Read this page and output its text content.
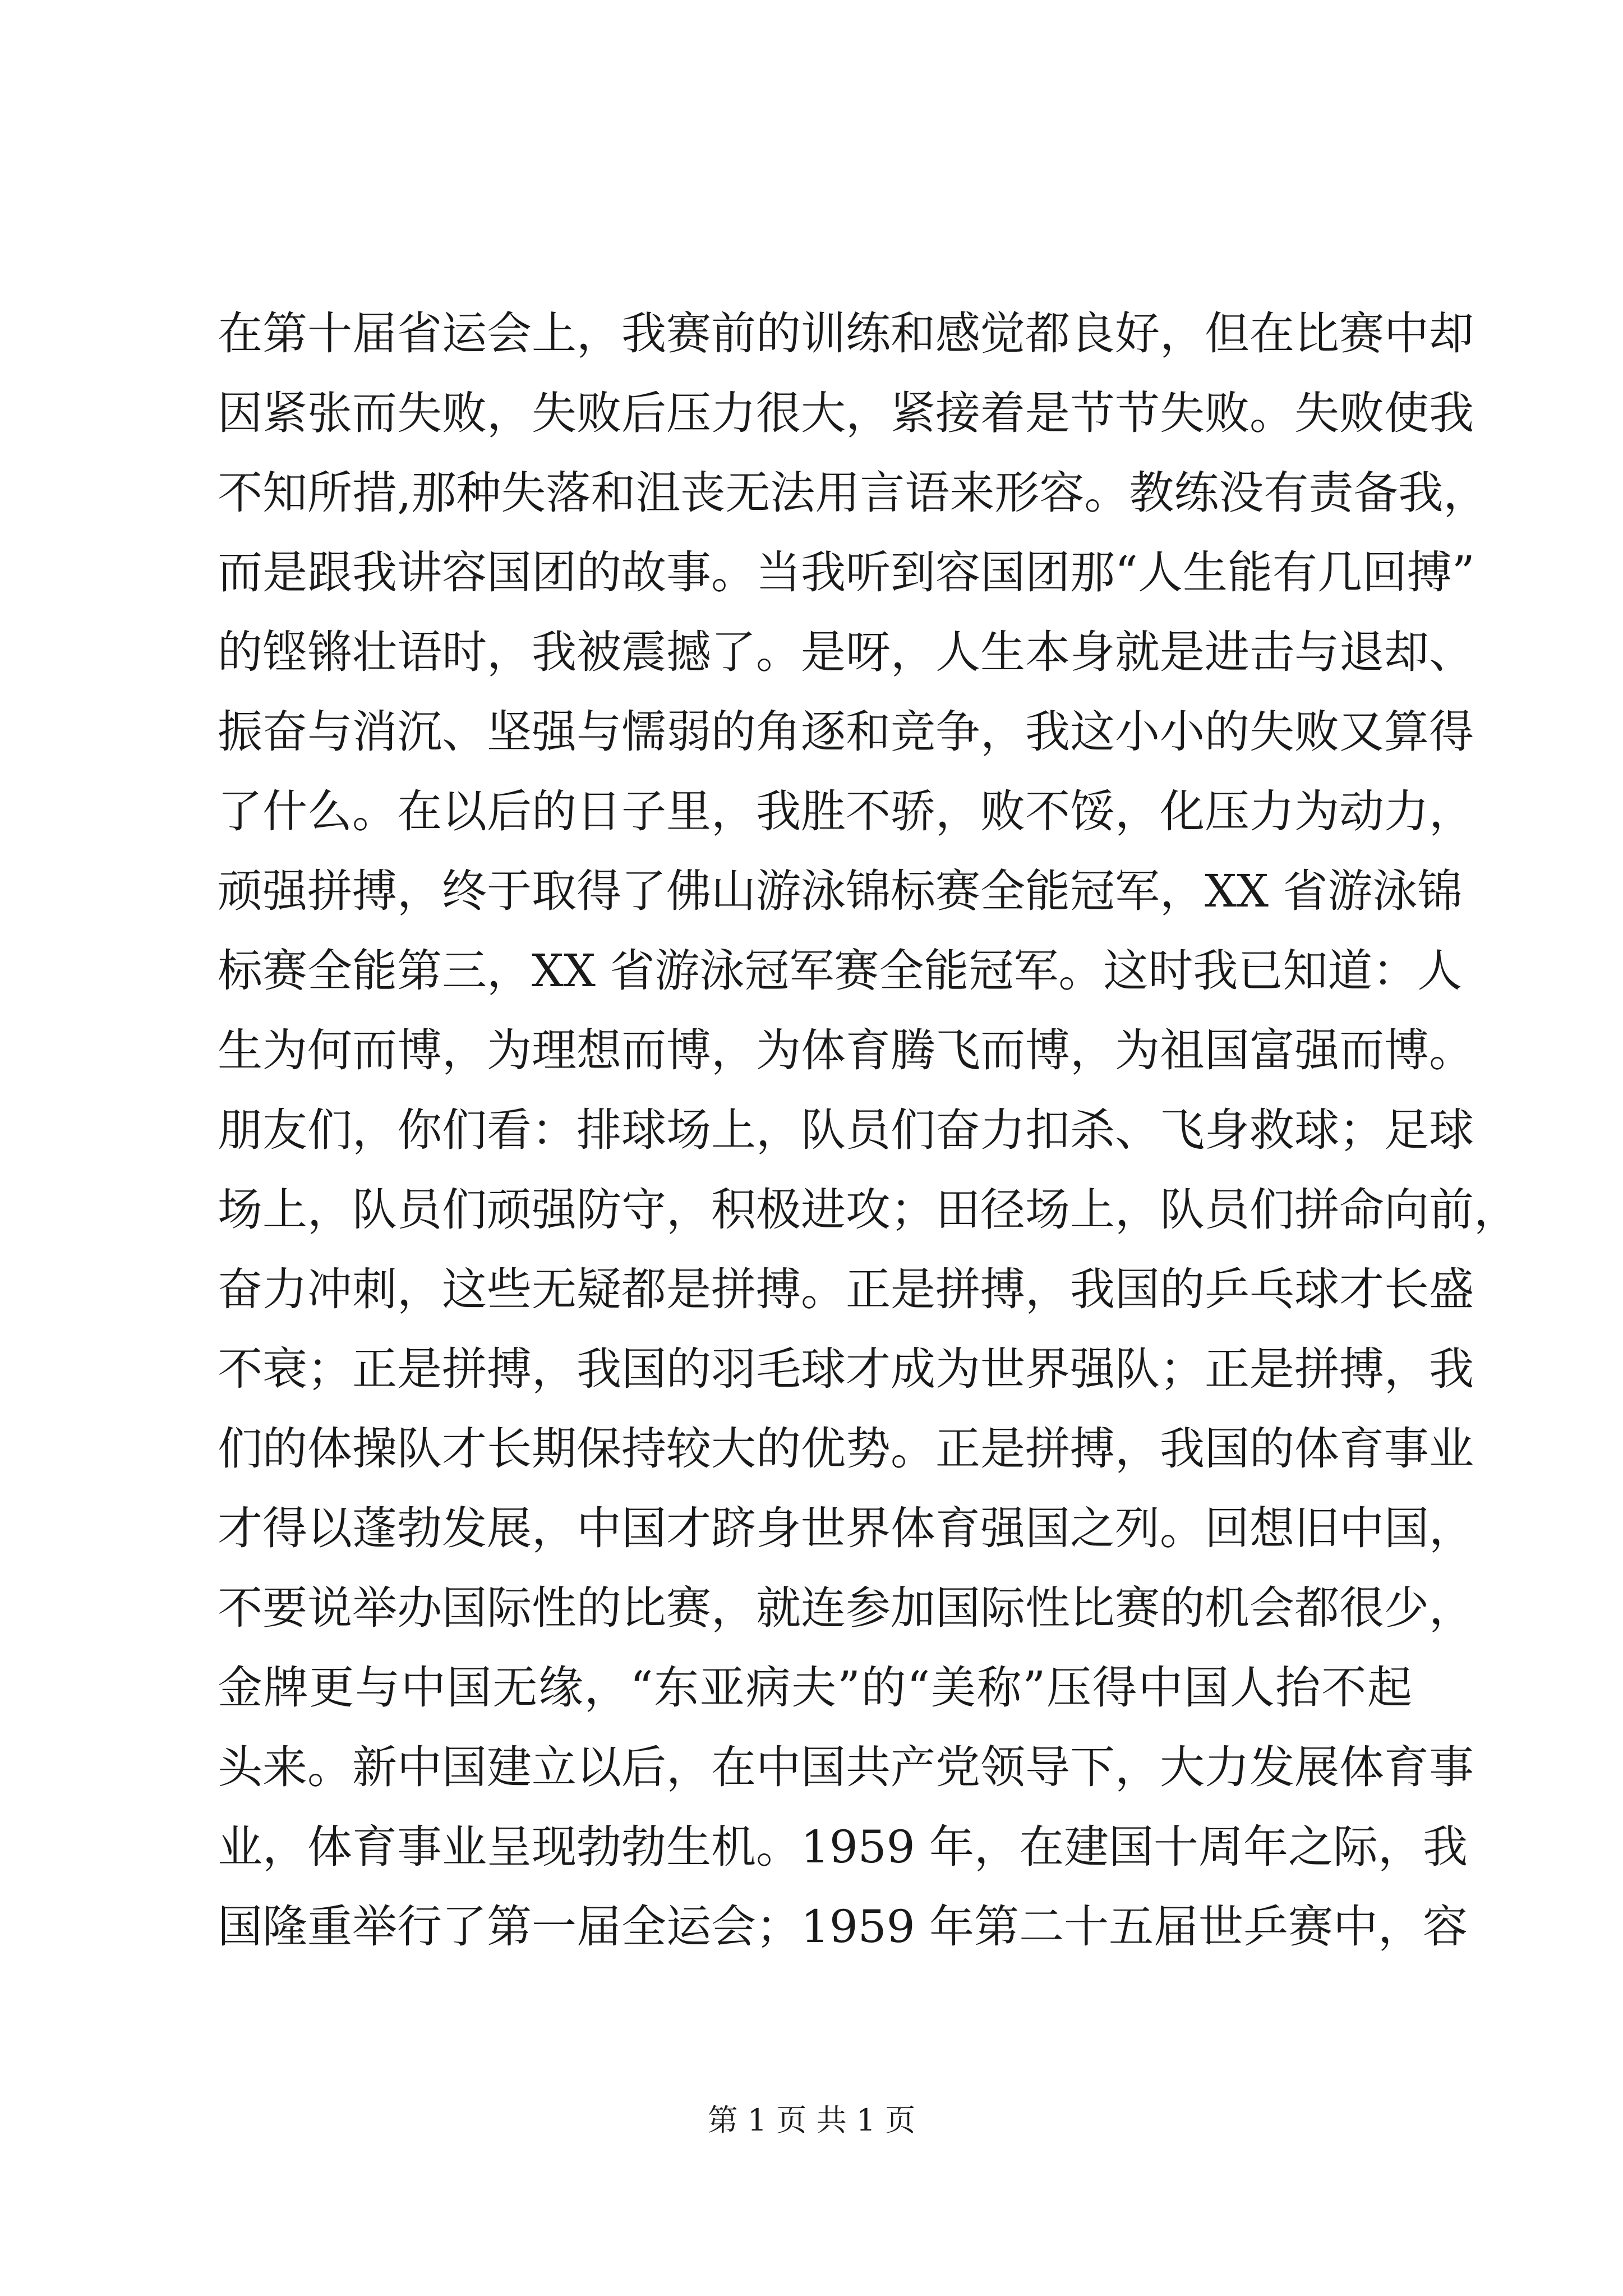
在第十届省运会上，我赛前的训练和感觉都良好，但在比赛中却
因紧张而失败，失败后压力很大，紧接着是节节失败。失败使我
不知所措,那种失落和沮丧无法用言语来形容。教练没有责备我，
而是跟我讲容国团的故事。当我听到容国团那“人生能有几回搏”
的铿锵壮语时，我被震撼了。是呀，人生本身就是进击与退却、
振奋与消沉、坚强与懦弱的角逐和竞争，我这小小的失败又算得
了什么。在以后的日子里，我胜不骄，败不馁，化压力为动力，
顽强拼搏，终于取得了佛山游泳锦标赛全能冠军，XX 省游泳锦
标赛全能第三，XX 省游泳冠军赛全能冠军。这时我已知道：人
生为何而博，为理想而博，为体育腾飞而博，为祖国富强而博。
朋友们，你们看：排球场上，队员们奋力扣杀、飞身救球；足球
场上，队员们顽强防守，积极进攻；田径场上，队员们拼命向前，
奋力冲刺，这些无疑都是拼搏。正是拼搏，我国的乒乓球才长盛
不衰；正是拼搏，我国的羽毛球才成为世界强队；正是拼搏，我
们的体操队才长期保持较大的优势。正是拼搏，我国的体育事业
才得以蓬勃发展，中国才跻身世界体育强国之列。回想旧中国，
不要说举办国际性的比赛，就连参加国际性比赛的机会都很少，
金牌更与中国无缘，“东亚病夫”的“美称”压得中国人抬不起
头来。新中国建立以后，在中国共产党领导下，大力发展体育事
业，体育事业呈现勃勃生机。1959 年，在建国十周年之际，我
国隆重举行了第一届全运会；1959 年第二十五届世乒赛中，容
第 1 页 共 1 页
